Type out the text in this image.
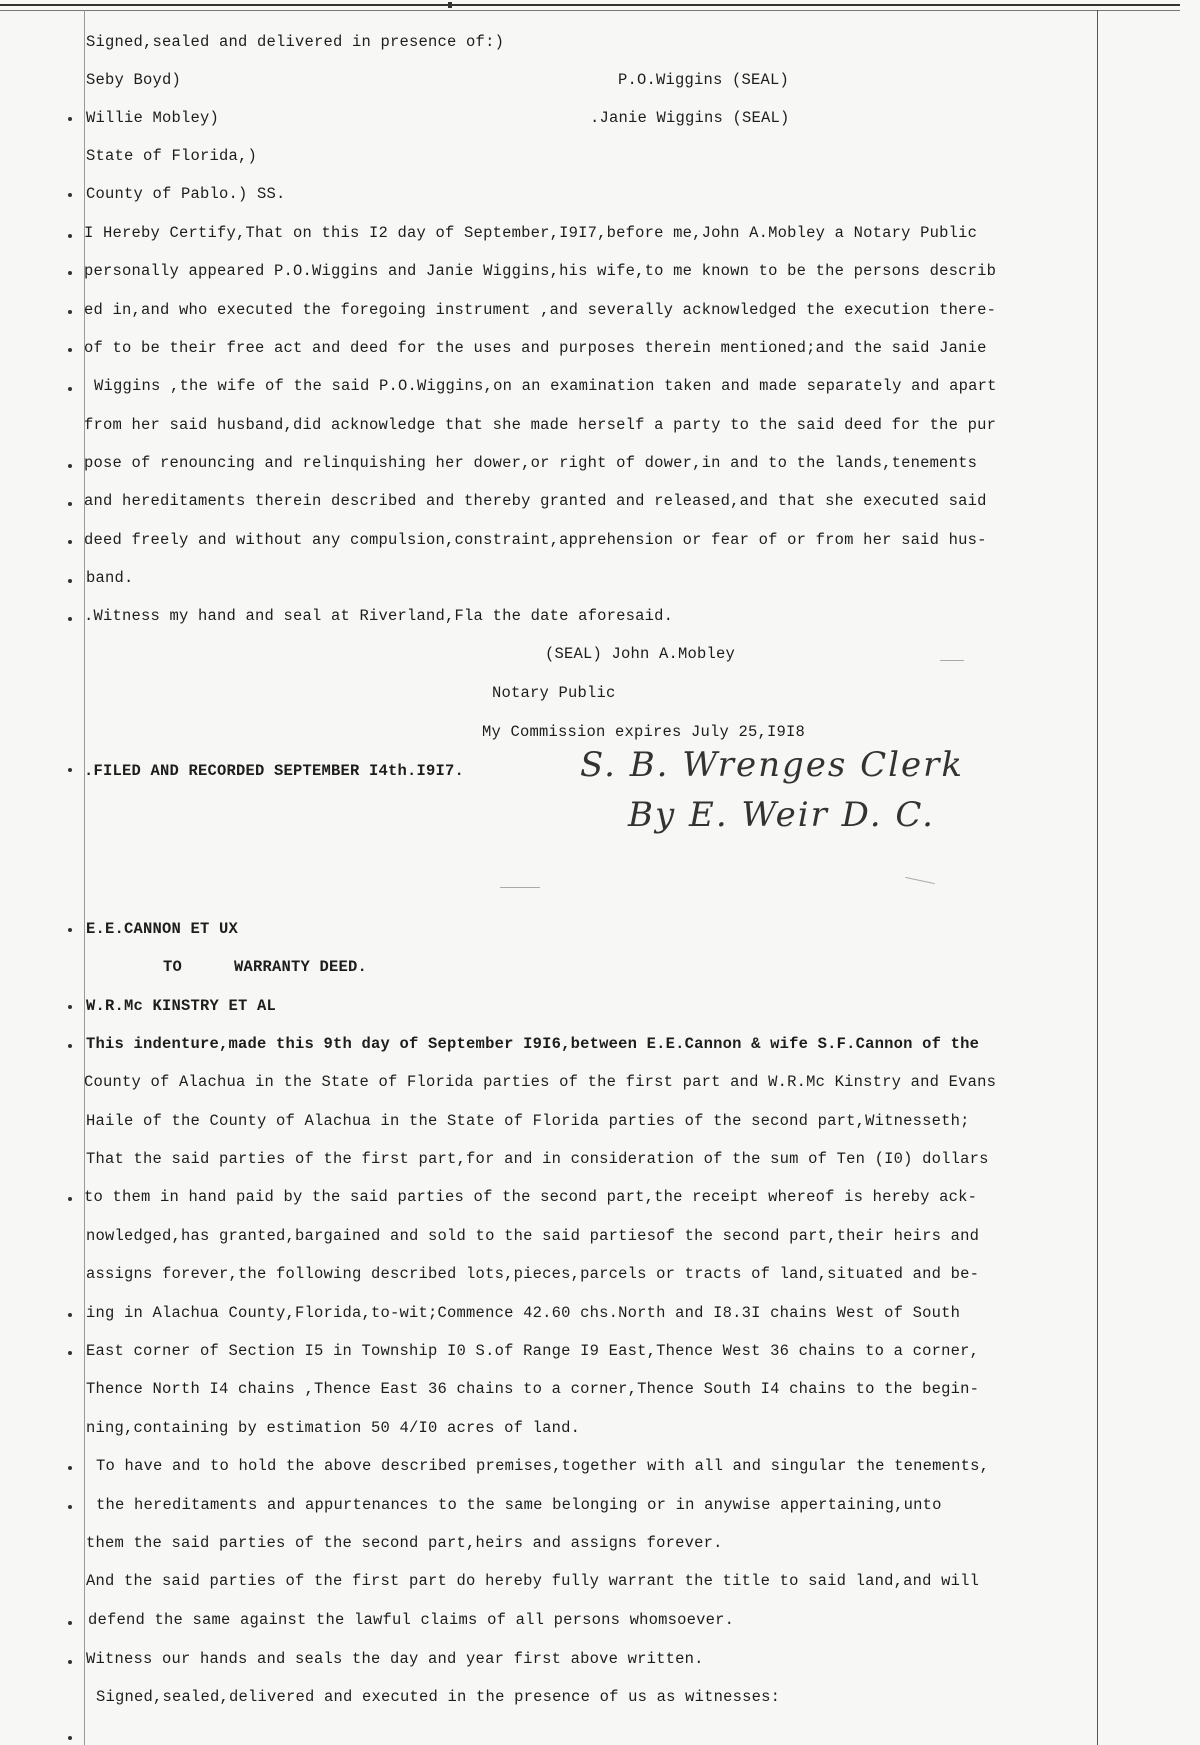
Signed,sealed and delivered in presence of:)
Seby Boyd)	P.O.Wiggins (SEAL)
Willie Mobley)	.Janie Wiggins (SEAL)
State of Florida,)
County of Pablo.) SS.
I Hereby Certify,That on this I2 day of September,I9I7,before me,John A.Mobley a Notary Public
personally appeared P.O.Wiggins and Janie Wiggins,his wife,to me known to be the persons describ
ed in,and who executed the foregoing instrument ,and severally acknowledged the execution there-
of to be their free act and deed for the uses and purposes therein mentioned;and the said Janie
Wiggins ,the wife of the said P.O.Wiggins,on an examination taken and made separately and apart
from her said husband,did acknowledge that she made herself a party to the said deed for the pur
pose of renouncing and relinquishing her dower,or right of dower,in and to the lands,tenements
and hereditaments therein described and thereby granted and released,and that she executed said
deed freely and without any compulsion,constraint,apprehension or fear of or from her said hus-
band.
.Witness my hand and seal at Riverland,Fla the date aforesaid.
(SEAL) John A.Mobley
Notary Public
My Commission expires July 25,I9I8
.FILED AND RECORDED SEPTEMBER I4th.I9I7.	S. B. Wrenges Clerk
By E. Weir D. C.
E.E.CANNON ET UX
TO	WARRANTY DEED.
W.R.Mc KINSTRY ET AL
This indenture,made this 9th day of September I9I6,between E.E.Cannon & wife S.F.Cannon of the
County of Alachua in the State of Florida parties of the first part and W.R.Mc Kinstry and Evans
Haile of the County of Alachua in the State of Florida parties of the second part,Witnesseth;
That the said parties of the first part,for and in consideration of the sum of Ten (I0) dollars
to them in hand paid by the said parties of the second part,the receipt whereof is hereby ack-
nowledged,has granted,bargained and sold to the said partiesof the second part,their heirs and
assigns forever,the following described lots,pieces,parcels or tracts of land,situated and be-
ing in Alachua County,Florida,to-wit;Commence 42.60 chs.North and I8.3I chains West of South
East corner of Section I5 in Township I0 S.of Range I9 East,Thence West 36 chains to a corner,
Thence North I4 chains ,Thence East 36 chains to a corner,Thence South I4 chains to the begin-
ning,containing by estimation 50 4/I0 acres of land.
To have and to hold the above described premises,together with all and singular the tenements,
the hereditaments and appurtenances to the same belonging or in anywise appertaining,unto
them the said parties of the second part,heirs and assigns forever.
And the said parties of the first part do hereby fully warrant the title to said land,and will
defend the same against the lawful claims of all persons whomsoever.
Witness our hands and seals the day and year first above written.
Signed,sealed,delivered and executed in the presence of us as witnesses:
